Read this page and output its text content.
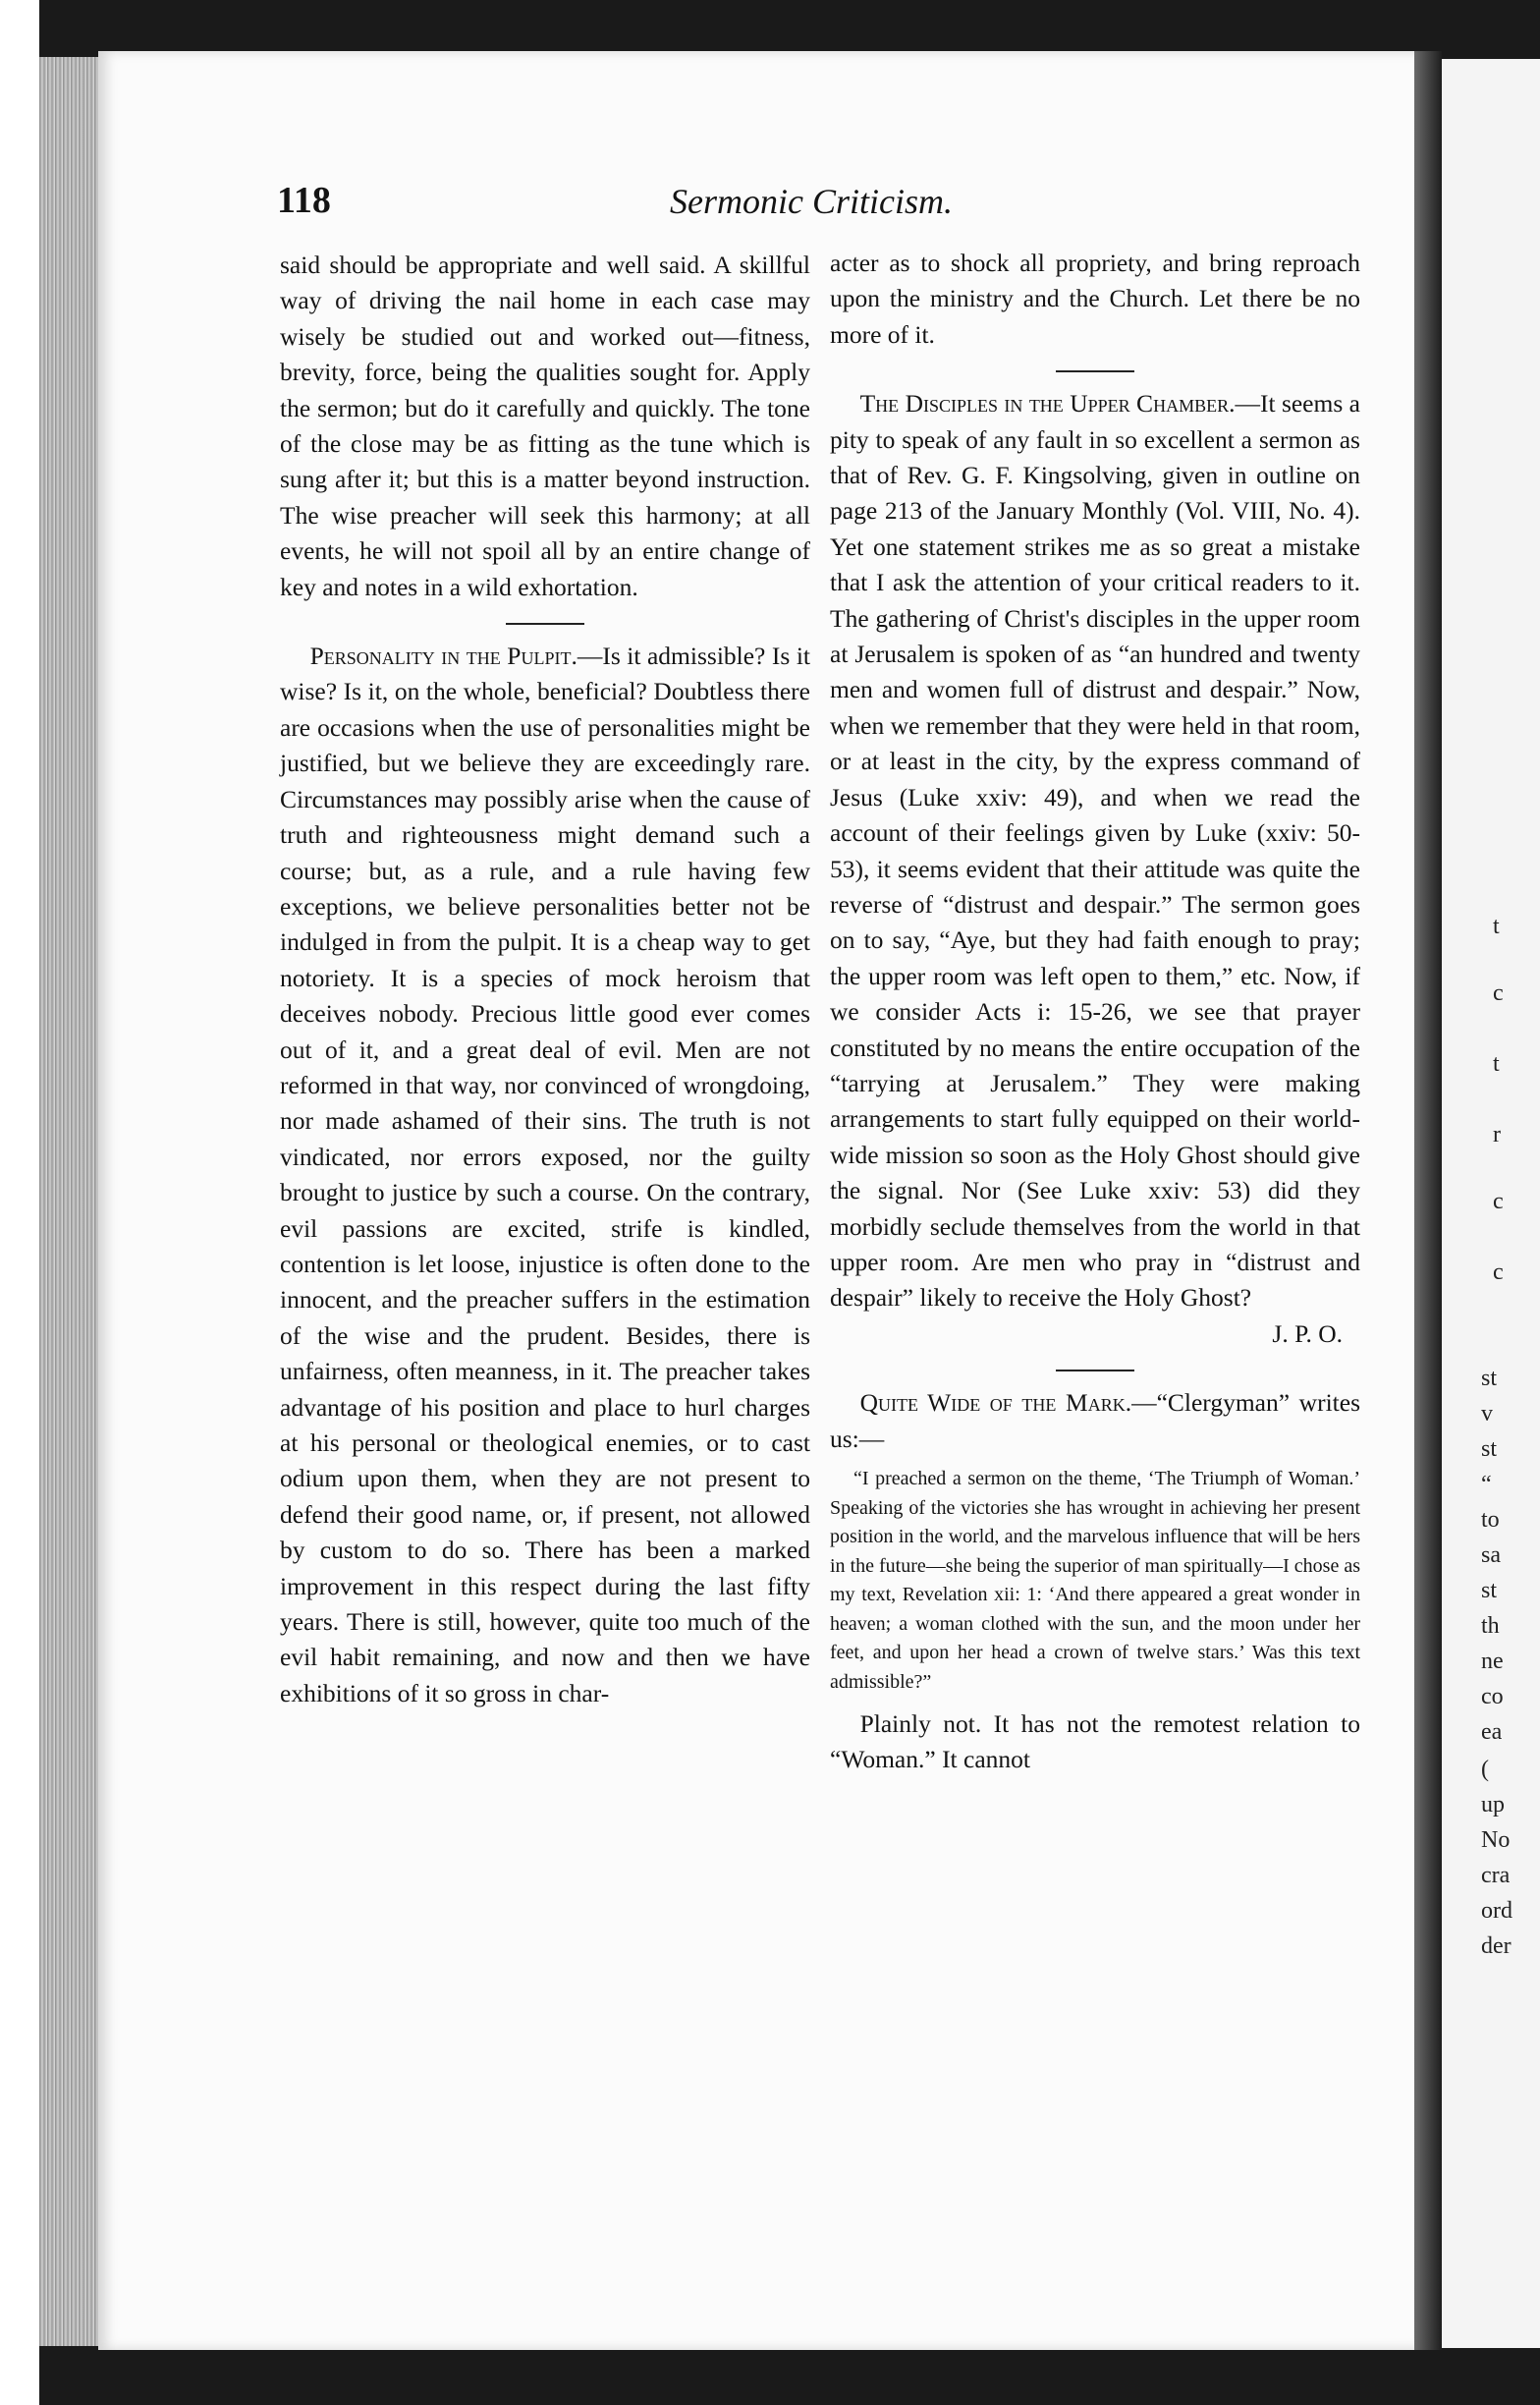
t
c
t
r
c
c
st
v
st
“
to
sa
st
th
ne
co
ea
(
up
No
cra
ord
der
118	Sermonic Criticism.

said should be appropriate and well said. A skillful way of driving the nail home in each case may wisely be studied out and worked out—fitness, brevity, force, being the qualities sought for. Apply the sermon; but do it carefully and quickly. The tone of the close may be as fitting as the tune which is sung after it; but this is a matter beyond instruction. The wise preacher will seek this harmony; at all events, he will not spoil all by an entire change of key and notes in a wild exhortation.

Personality in the Pulpit.—Is it admissible? Is it wise? Is it, on the whole, beneficial? Doubtless there are occasions when the use of personalities might be justified, but we believe they are exceedingly rare. Circumstances may possibly arise when the cause of truth and righteousness might demand such a course; but, as a rule, and a rule having few exceptions, we believe personalities better not be indulged in from the pulpit. It is a cheap way to get notoriety. It is a species of mock heroism that deceives nobody. Precious little good ever comes out of it, and a great deal of evil. Men are not reformed in that way, nor convinced of wrongdoing, nor made ashamed of their sins. The truth is not vindicated, nor errors exposed, nor the guilty brought to justice by such a course. On the contrary, evil passions are excited, strife is kindled, contention is let loose, injustice is often done to the innocent, and the preacher suffers in the estimation of the wise and the prudent. Besides, there is unfairness, often meanness, in it. The preacher takes advantage of his position and place to hurl charges at his personal or theological enemies, or to cast odium upon them, when they are not present to defend their good name, or, if present, not allowed by custom to do so. There has been a marked improvement in this respect during the last fifty years. There is still, however, quite too much of the evil habit remaining, and now and then we have exhibitions of it so gross in char-

acter as to shock all propriety, and bring reproach upon the ministry and the Church. Let there be no more of it.

The Disciples in the Upper Chamber.—It seems a pity to speak of any fault in so excellent a sermon as that of Rev. G. F. Kingsolving, given in outline on page 213 of the January Monthly (Vol. VIII, No. 4). Yet one statement strikes me as so great a mistake that I ask the attention of your critical readers to it. The gathering of Christ's disciples in the upper room at Jerusalem is spoken of as “an hundred and twenty men and women full of distrust and despair.” Now, when we remember that they were held in that room, or at least in the city, by the express command of Jesus (Luke xxiv: 49), and when we read the account of their feelings given by Luke (xxiv: 50-53), it seems evident that their attitude was quite the reverse of “distrust and despair.” The sermon goes on to say, “Aye, but they had faith enough to pray; the upper room was left open to them,” etc. Now, if we consider Acts i: 15-26, we see that prayer constituted by no means the entire occupation of the “tarrying at Jerusalem.” They were making arrangements to start fully equipped on their world-wide mission so soon as the Holy Ghost should give the signal. Nor (See Luke xxiv: 53) did they morbidly seclude themselves from the world in that upper room. Are men who pray in “distrust and despair” likely to receive the Holy Ghost?

J. P. O.

Quite Wide of the Mark.—“Clergyman” writes us:—

“I preached a sermon on the theme, ‘The Triumph of Woman.’ Speaking of the victories she has wrought in achieving her present position in the world, and the marvelous influence that will be hers in the future—she being the superior of man spiritually—I chose as my text, Revelation xii: 1: ‘And there appeared a great wonder in heaven; a woman clothed with the sun, and the moon under her feet, and upon her head a crown of twelve stars.’ Was this text admissible?”

Plainly not. It has not the remotest relation to “Woman.” It cannot
